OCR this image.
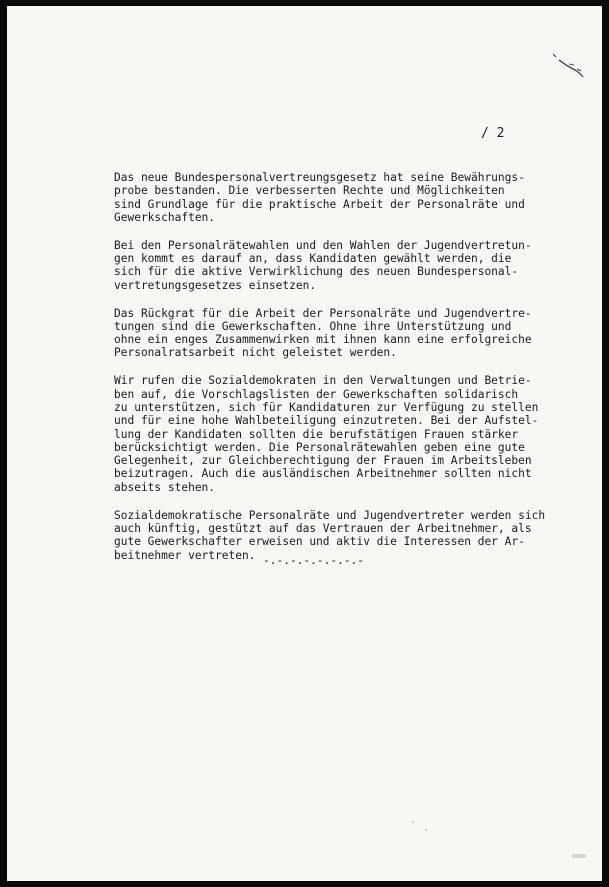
/ 2
Das neue Bundespersonalvertreungsgesetz hat seine Bewährungs-
probe bestanden. Die verbesserten Rechte und Möglichkeiten
sind Grundlage für die praktische Arbeit der Personalräte und
Gewerkschaften.
Bei den Personalrätewahlen und den Wahlen der Jugendvertretun-
gen kommt es darauf an, dass Kandidaten gewählt werden, die
sich für die aktive Verwirklichung des neuen Bundespersonal-
vertretungsgesetzes einsetzen.
Das Rückgrat für die Arbeit der Personalräte und Jugendvertre-
tungen sind die Gewerkschaften. Ohne ihre Unterstützung und
ohne ein enges Zusammenwirken mit ihnen kann eine erfolgreiche
Personalratsarbeit nicht geleistet werden.
Wir rufen die Sozialdemokraten in den Verwaltungen und Betrie-
ben auf, die Vorschlagslisten der Gewerkschaften solidarisch
zu unterstützen, sich für Kandidaturen zur Verfügung zu stellen
und für eine hohe Wahlbeteiligung einzutreten. Bei der Aufstel-
lung der Kandidaten sollten die berufstätigen Frauen stärker
berücksichtigt werden. Die Personalrätewahlen geben eine gute
Gelegenheit, zur Gleichberechtigung der Frauen im Arbeitsleben
beizutragen. Auch die ausländischen Arbeitnehmer sollten nicht
abseits stehen.
Sozialdemokratische Personalräte und Jugendvertreter werden sich
auch künftig, gestützt auf das Vertrauen der Arbeitnehmer, als
gute Gewerkschafter erweisen und aktiv die Interessen der Ar-
beitnehmer vertreten. -.-.-.-.-.-.-.-
